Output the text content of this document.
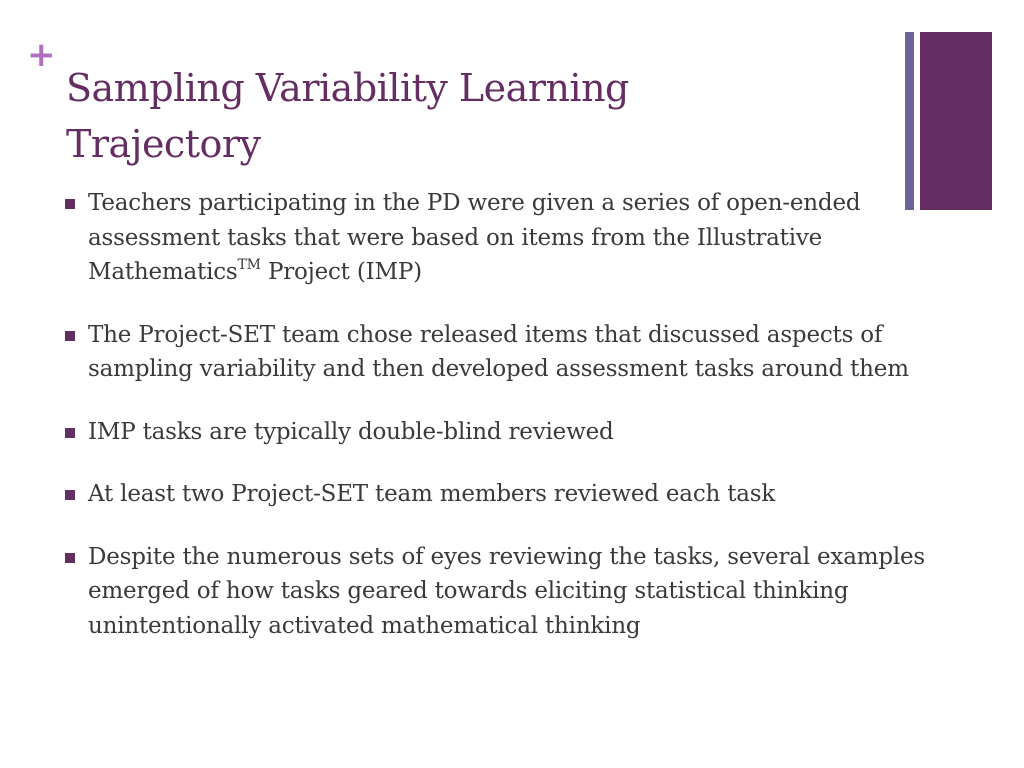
+
Sampling Variability Learning Trajectory
Teachers participating in the PD were given a series of open-ended assessment tasks that were based on items from the Illustrative Mathematics™ Project (IMP)
The Project-SET team chose released items that discussed aspects of sampling variability and then developed assessment tasks around them
IMP tasks are typically double-blind reviewed
At least two Project-SET team members reviewed each task
Despite the numerous sets of eyes reviewing the tasks, several examples emerged of how tasks geared towards eliciting statistical thinking unintentionally activated mathematical thinking
